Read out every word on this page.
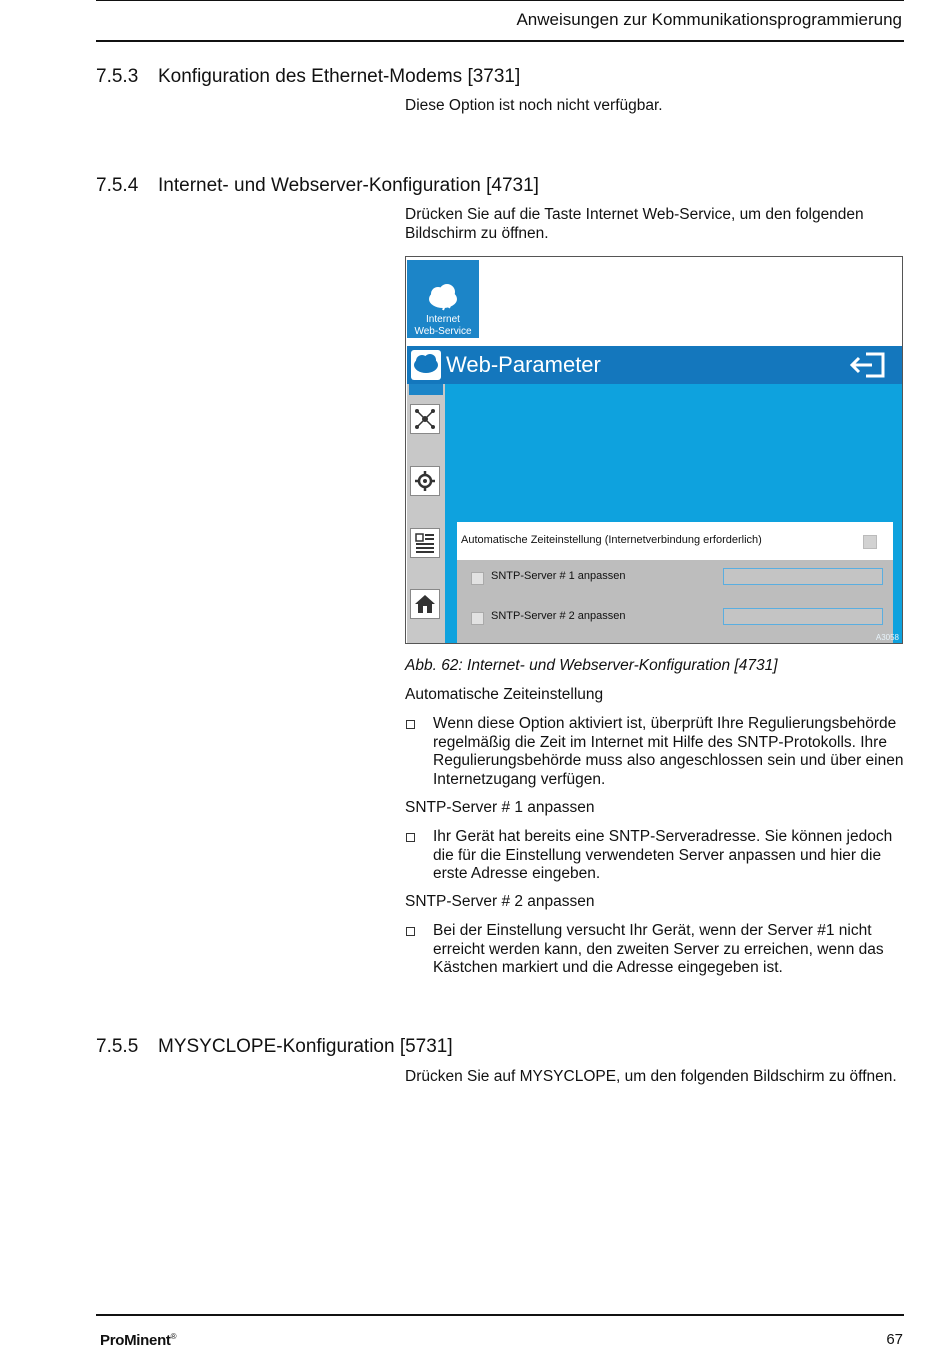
Anweisungen zur Kommunikationsprogrammierung
7.5.3 Konfiguration des Ethernet-Modems [3731]
Diese Option ist noch nicht verfügbar.
7.5.4 Internet- und Webserver-Konfiguration [4731]
Drücken Sie auf die Taste Internet Web-Service, um den folgenden Bildschirm zu öffnen.
Internet
Web-Service
Web-Parameter
Automatische Zeiteinstellung (Internetverbindung erforderlich)
SNTP-Server # 1 anpassen
SNTP-Server # 2 anpassen
A3058
Abb. 62: Internet- und Webserver-Konfiguration [4731]
Automatische Zeiteinstellung
Wenn diese Option aktiviert ist, überprüft Ihre Regulierungsbehörde regelmäßig die Zeit im Internet mit Hilfe des SNTP-Protokolls. Ihre Regulierungsbehörde muss also angeschlossen sein und über einen Internetzugang verfügen.
SNTP-Server # 1 anpassen
Ihr Gerät hat bereits eine SNTP-Serveradresse. Sie können jedoch die für die Einstellung verwendeten Server anpassen und hier die erste Adresse eingeben.
SNTP-Server # 2 anpassen
Bei der Einstellung versucht Ihr Gerät, wenn der Server #1 nicht erreicht werden kann, den zweiten Server zu erreichen, wenn das Kästchen markiert und die Adresse eingegeben ist.
7.5.5 MYSYCLOPE-Konfiguration [5731]
Drücken Sie auf MYSYCLOPE, um den folgenden Bildschirm zu öffnen.
ProMinent®	67
